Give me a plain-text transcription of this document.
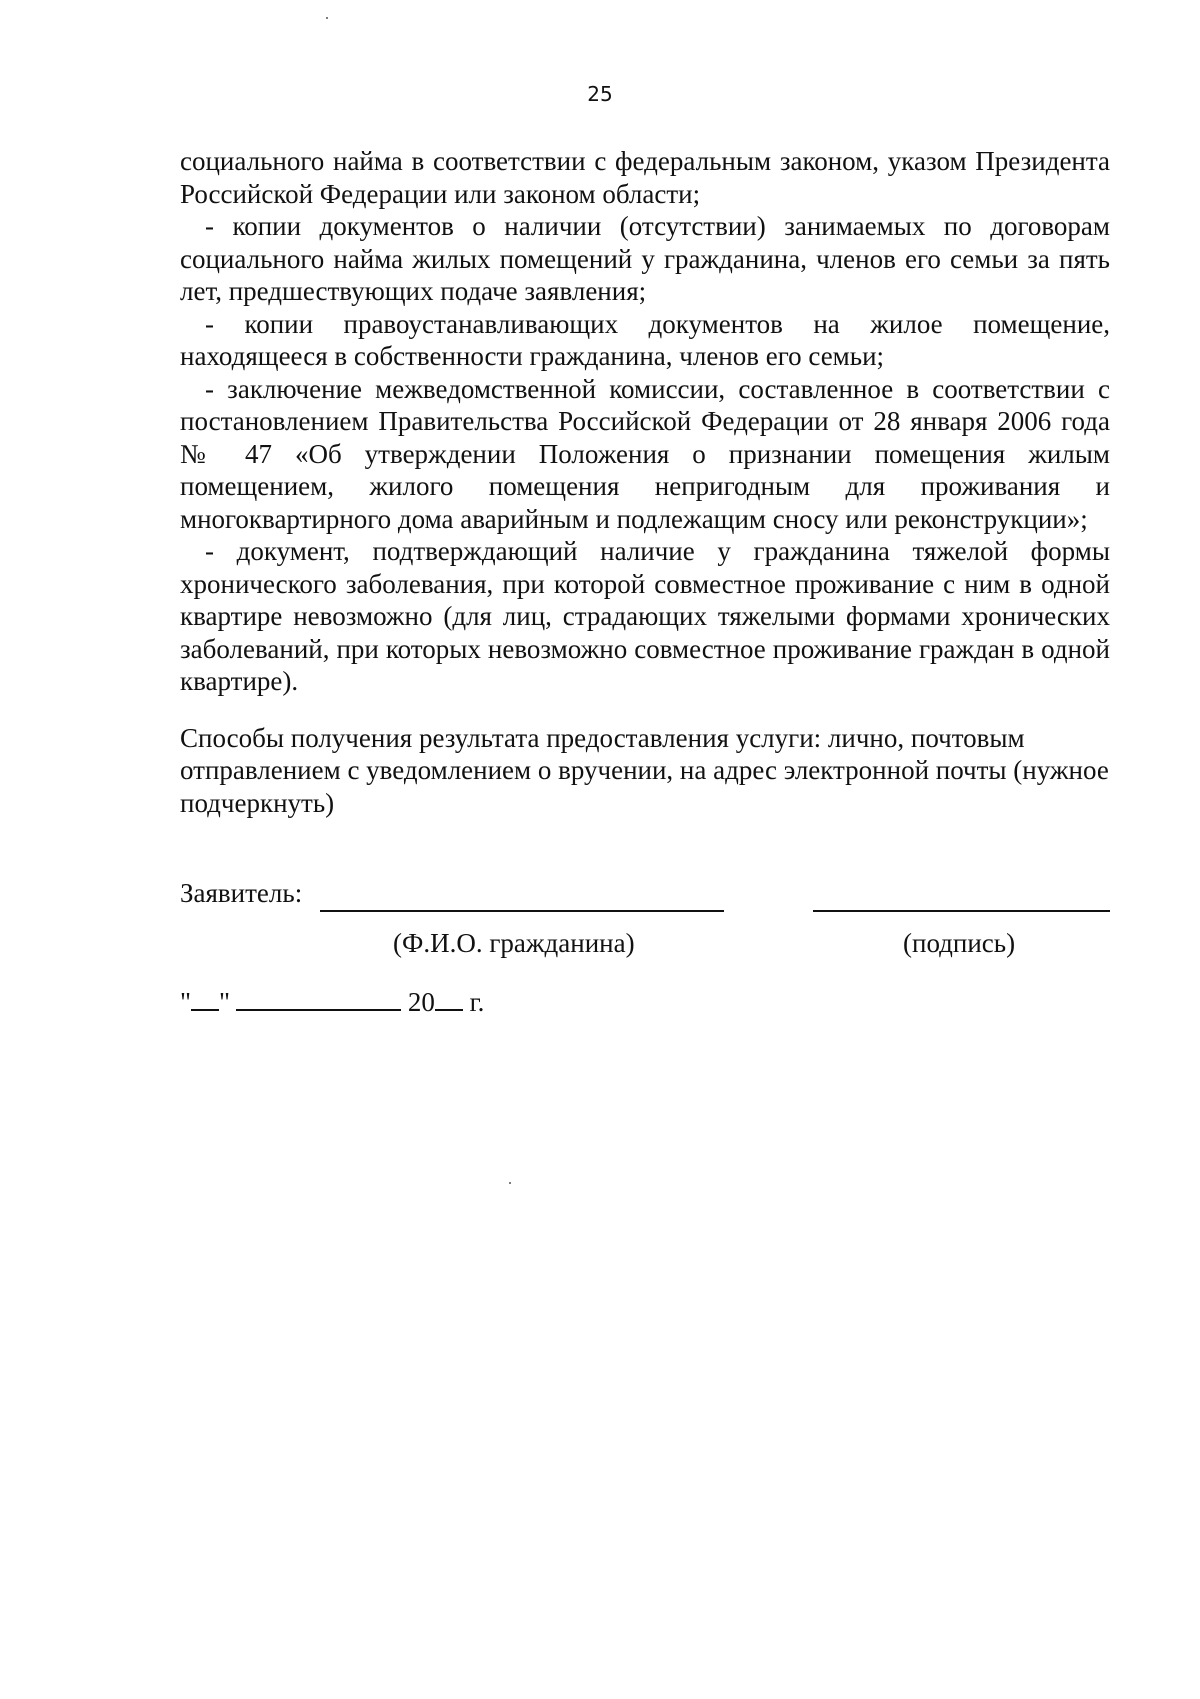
25

социального найма в соответствии с федеральным законом, указом Президента Российской Федерации или законом области;

- копии документов о наличии (отсутствии) занимаемых по договорам социального найма жилых помещений у гражданина, членов его семьи за пять лет, предшествующих подаче заявления;

- копии правоустанавливающих документов на жилое помещение, находящееся в собственности гражданина, членов его семьи;

- заключение межведомственной комиссии, составленное в соответствии с постановлением Правительства Российской Федерации от 28 января 2006 года № 47 «Об утверждении Положения о признании помещения жилым помещением, жилого помещения непригодным для проживания и многоквартирного дома аварийным и подлежащим сносу или реконструкции»;

- документ, подтверждающий наличие у гражданина тяжелой формы хронического заболевания, при которой совместное проживание с ним в одной квартире невозможно (для лиц, страдающих тяжелыми формами хронических заболеваний, при которых невозможно совместное проживание граждан в одной квартире).

Способы получения результата предоставления услуги: лично, почтовым отправлением с уведомлением о вручении, на адрес электронной почты (нужное подчеркнуть)

Заявитель:
(Ф.И.О. гражданина)	(подпись)
" "	20 г.
